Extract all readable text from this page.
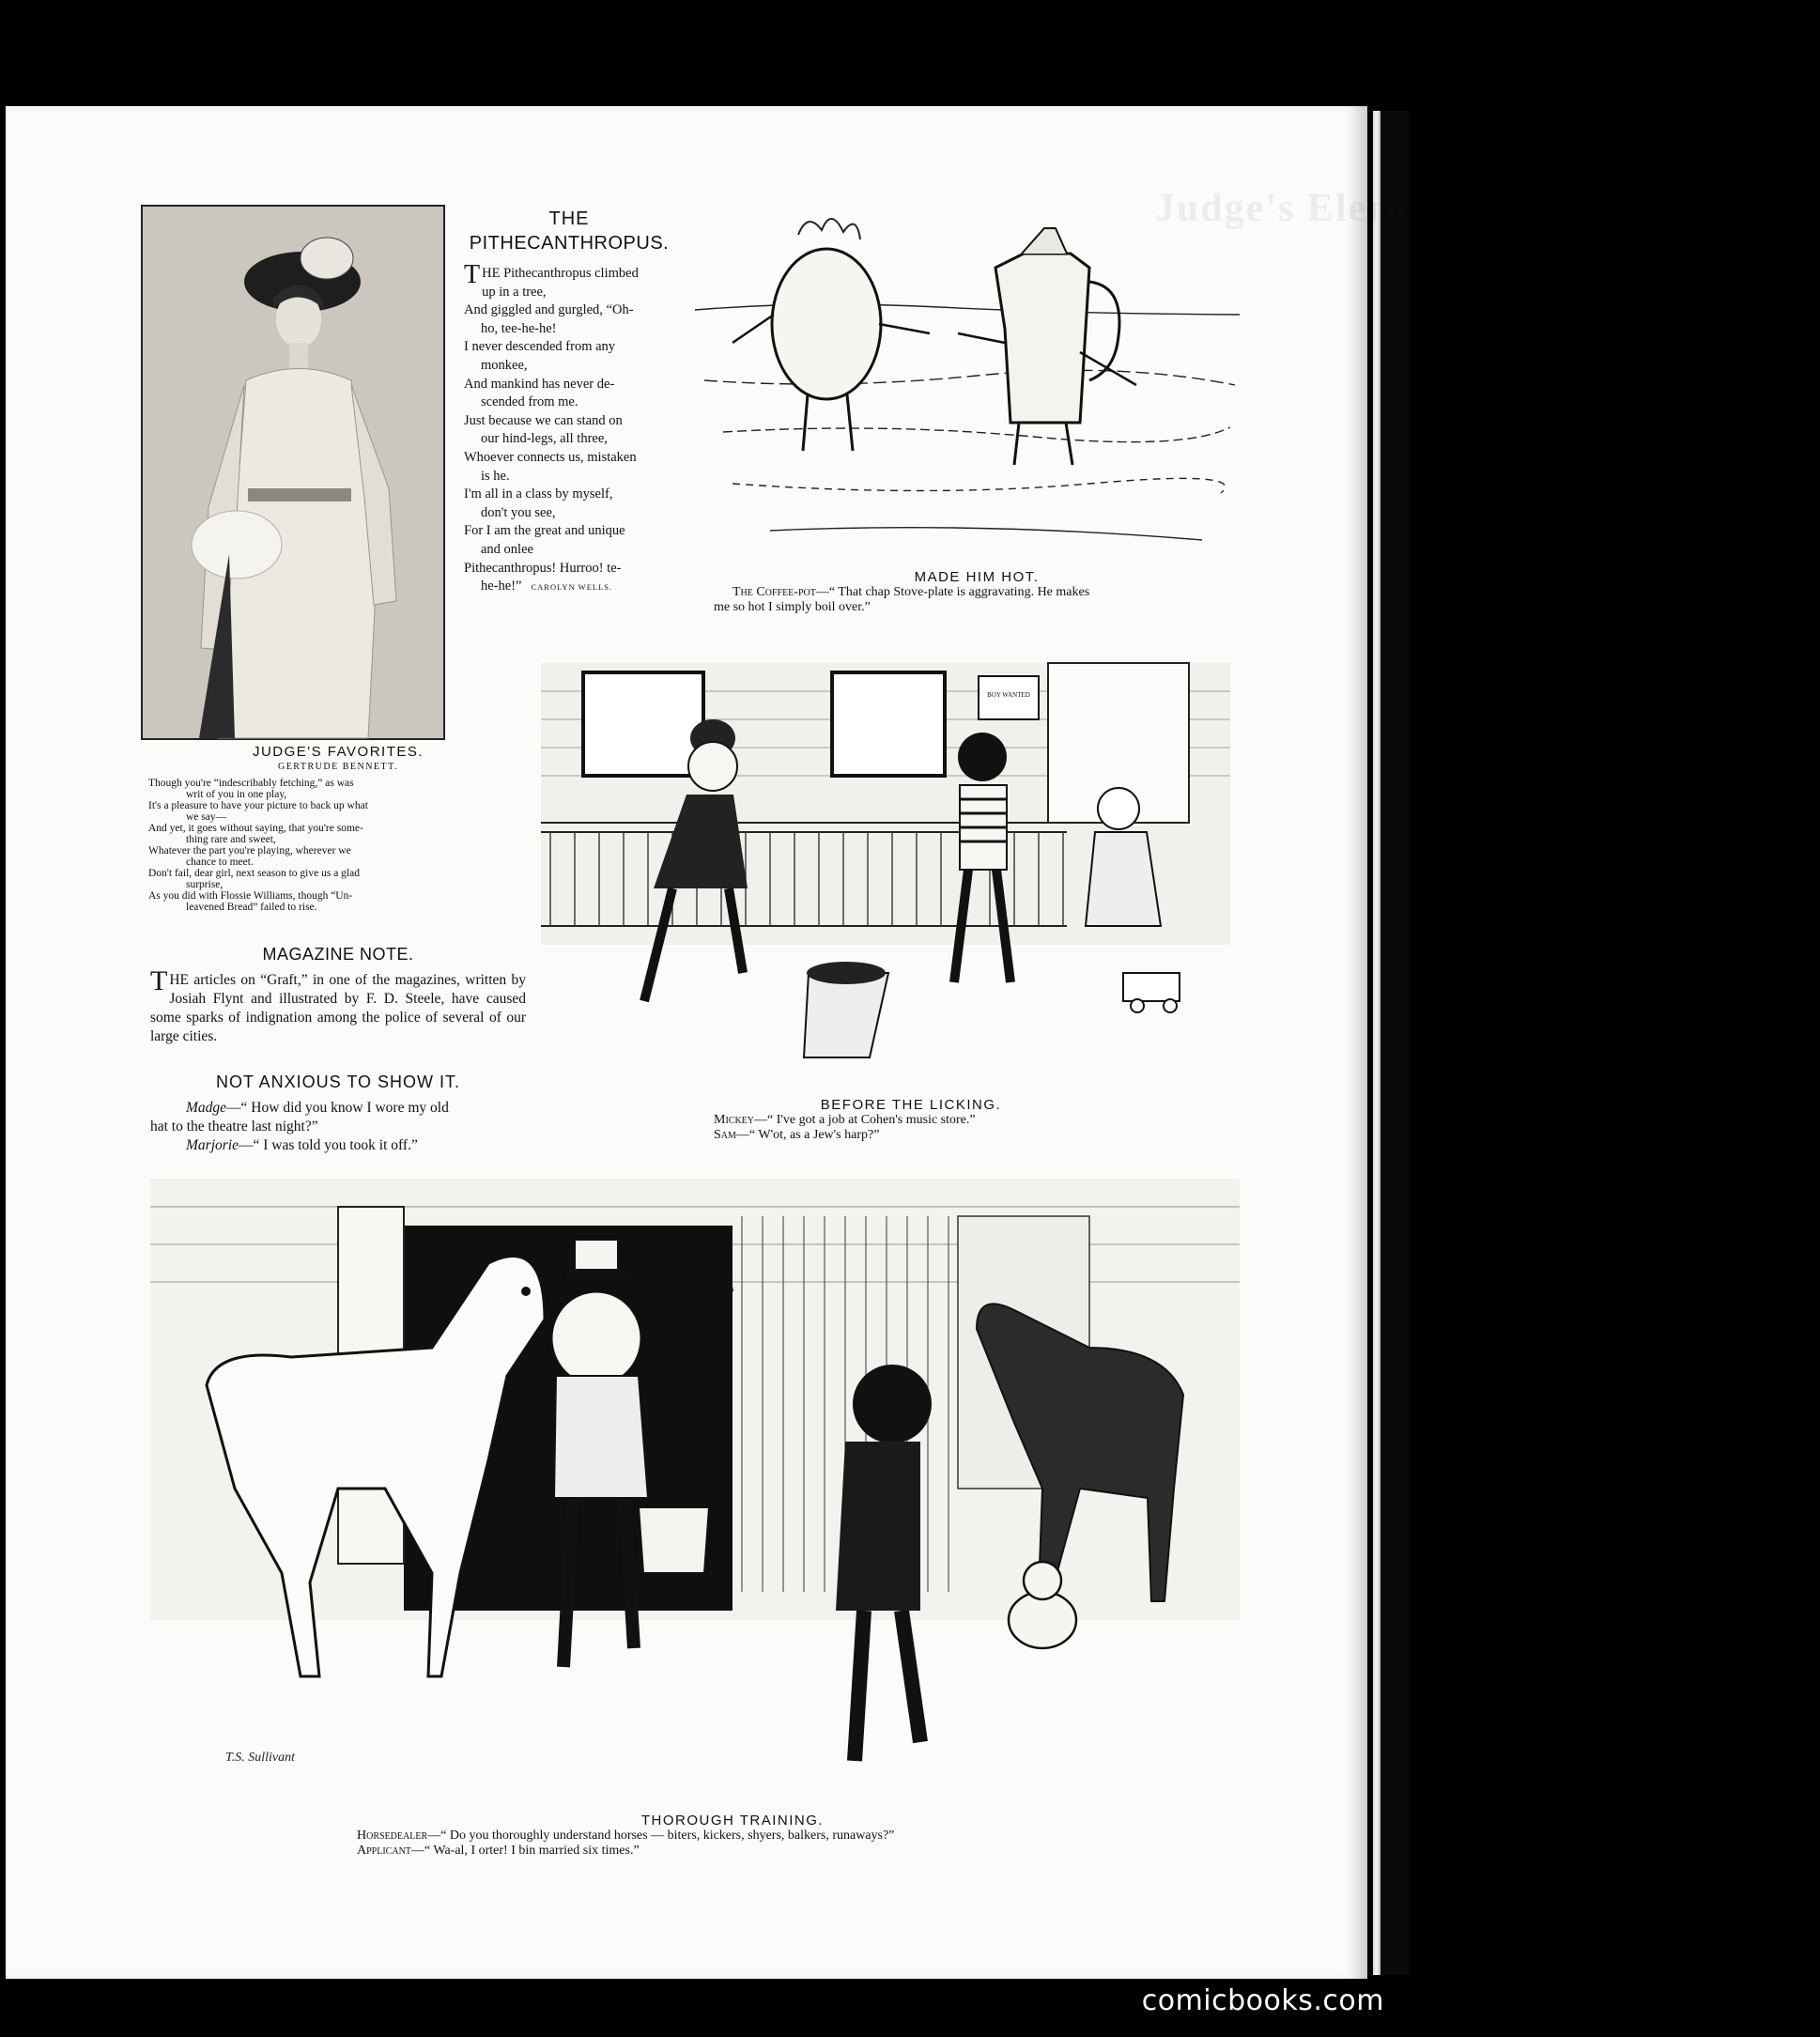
Judge's Elements of Serious Humor
THE
PITHECANTHROPUS.
T HE Pithecanthropus climbed
up in a tree,
And giggled and gurgled, “Oh-
ho, tee-he-he!
I never descended from any
monkee,
And mankind has never de-
scended from me.
Just because we can stand on
our hind-legs, all three,
Whoever connects us, mistaken
is he.
I'm all in a class by myself,
don't you see,
For I am the great and unique
and onlee
Pithecanthropus! Hurroo! te-
he-he!” CAROLYN WELLS.
MADE HIM HOT.
The Coffee-pot—“ That chap Stove-plate is aggravating. He makes
me so hot I simply boil over.”
BOY WANTED
BEFORE THE LICKING.
Mickey—“ I've got a job at Cohen's music store.”
Sam—“ W'ot, as a Jew's harp?”
JUDGE'S FAVORITES.
GERTRUDE BENNETT.
Though you're “indescribably fetching,” as was
writ of you in one play,
It's a pleasure to have your picture to back up what
we say—
And yet, it goes without saying, that you're some-
thing rare and sweet,
Whatever the part you're playing, wherever we
chance to meet.
Don't fail, dear girl, next season to give us a glad
surprise,
As you did with Flossie Williams, though “Un-
leavened Bread” failed to rise.
MAGAZINE NOTE.
THE articles on “Graft,” in one of the magazines, written by Josiah Flynt and illustrated by F. D. Steele, have caused some sparks of indignation among the police of several of our large cities.
NOT ANXIOUS TO SHOW IT.
Madge—“ How did you know I wore my old
hat to the theatre last night?”
Marjorie—“ I was told you took it off.”
T.S. Sullivant
THOROUGH TRAINING.
Horsedealer—“ Do you thoroughly understand horses — biters, kickers, shyers, balkers, runaways?”
Applicant—“ Wa-al, I orter! I bin married six times.”
comicbooks.com
